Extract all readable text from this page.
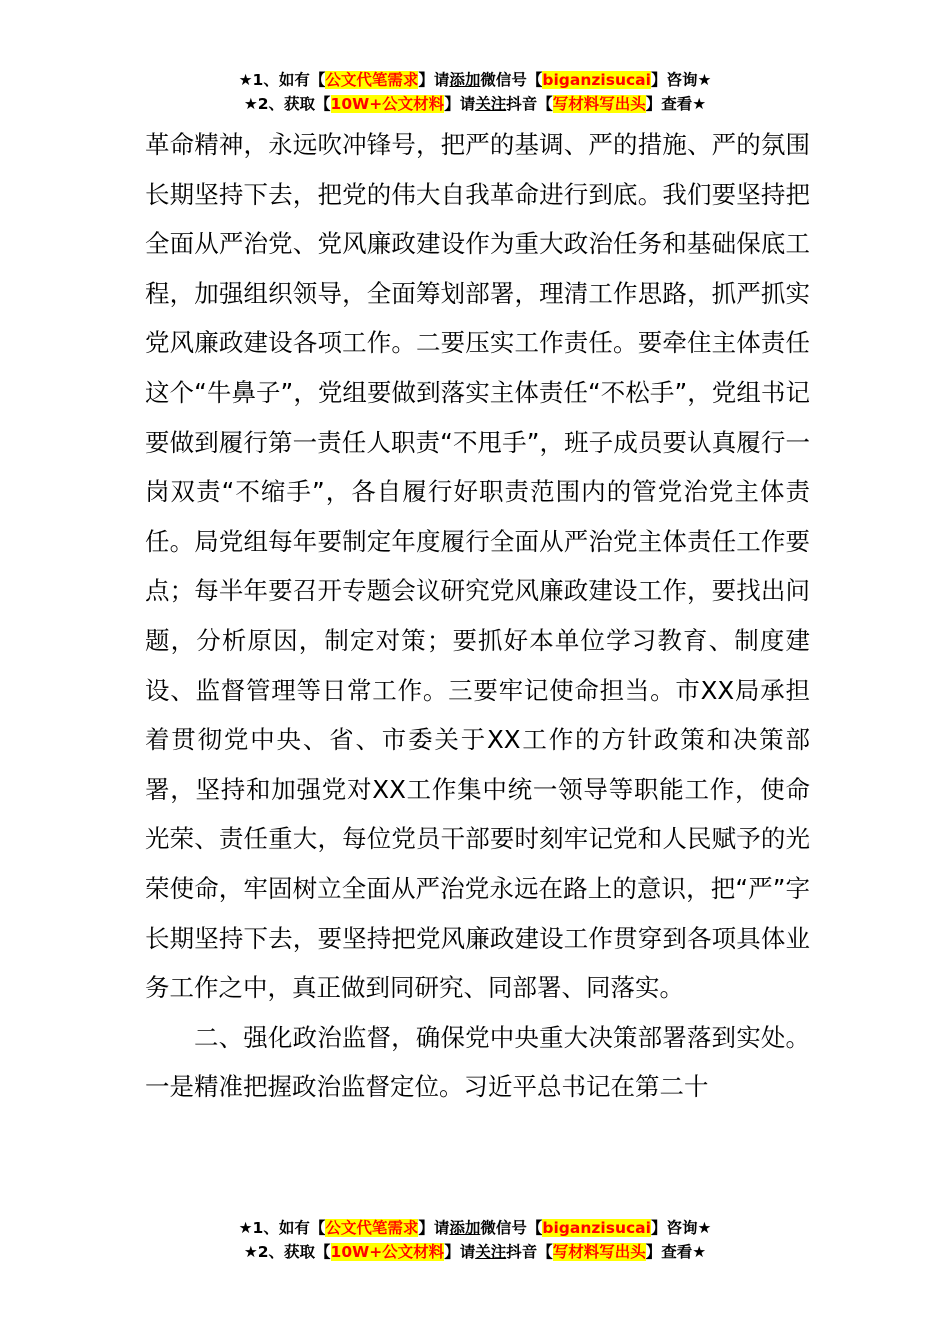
★1、如有【公文代笔需求】请添加微信号【biganzisucai】咨询★
★2、获取【10W+公文材料】请关注抖音【写材料写出头】查看★

革命精神，永远吹冲锋号，把严的基调、严的措施、严的氛围长期坚持下去，把党的伟大自我革命进行到底。我们要坚持把全面从严治党、党风廉政建设作为重大政治任务和基础保底工程，加强组织领导，全面筹划部署，理清工作思路，抓严抓实党风廉政建设各项工作。二要压实工作责任。要牵住主体责任这个“牛鼻子”，党组要做到落实主体责任“不松手”，党组书记要做到履行第一责任人职责“不甩手”，班子成员要认真履行一岗双责“不缩手”，各自履行好职责范围内的管党治党主体责任。局党组每年要制定年度履行全面从严治党主体责任工作要点；每半年要召开专题会议研究党风廉政建设工作，要找出问题，分析原因，制定对策；要抓好本单位学习教育、制度建设、监督管理等日常工作。三要牢记使命担当。市XX局承担着贯彻党中央、省、市委关于XX工作的方针政策和决策部署，坚持和加强党对XX工作集中统一领导等职能工作，使命光荣、责任重大，每位党员干部要时刻牢记党和人民赋予的光荣使命，牢固树立全面从严治党永远在路上的意识，把“严”字长期坚持下去，要坚持把党风廉政建设工作贯穿到各项具体业务工作之中，真正做到同研究、同部署、同落实。

二、强化政治监督，确保党中央重大决策部署落到实处。一是精准把握政治监督定位。习近平总书记在第二十

★1、如有【公文代笔需求】请添加微信号【biganzisucai】咨询★
★2、获取【10W+公文材料】请关注抖音【写材料写出头】查看★
